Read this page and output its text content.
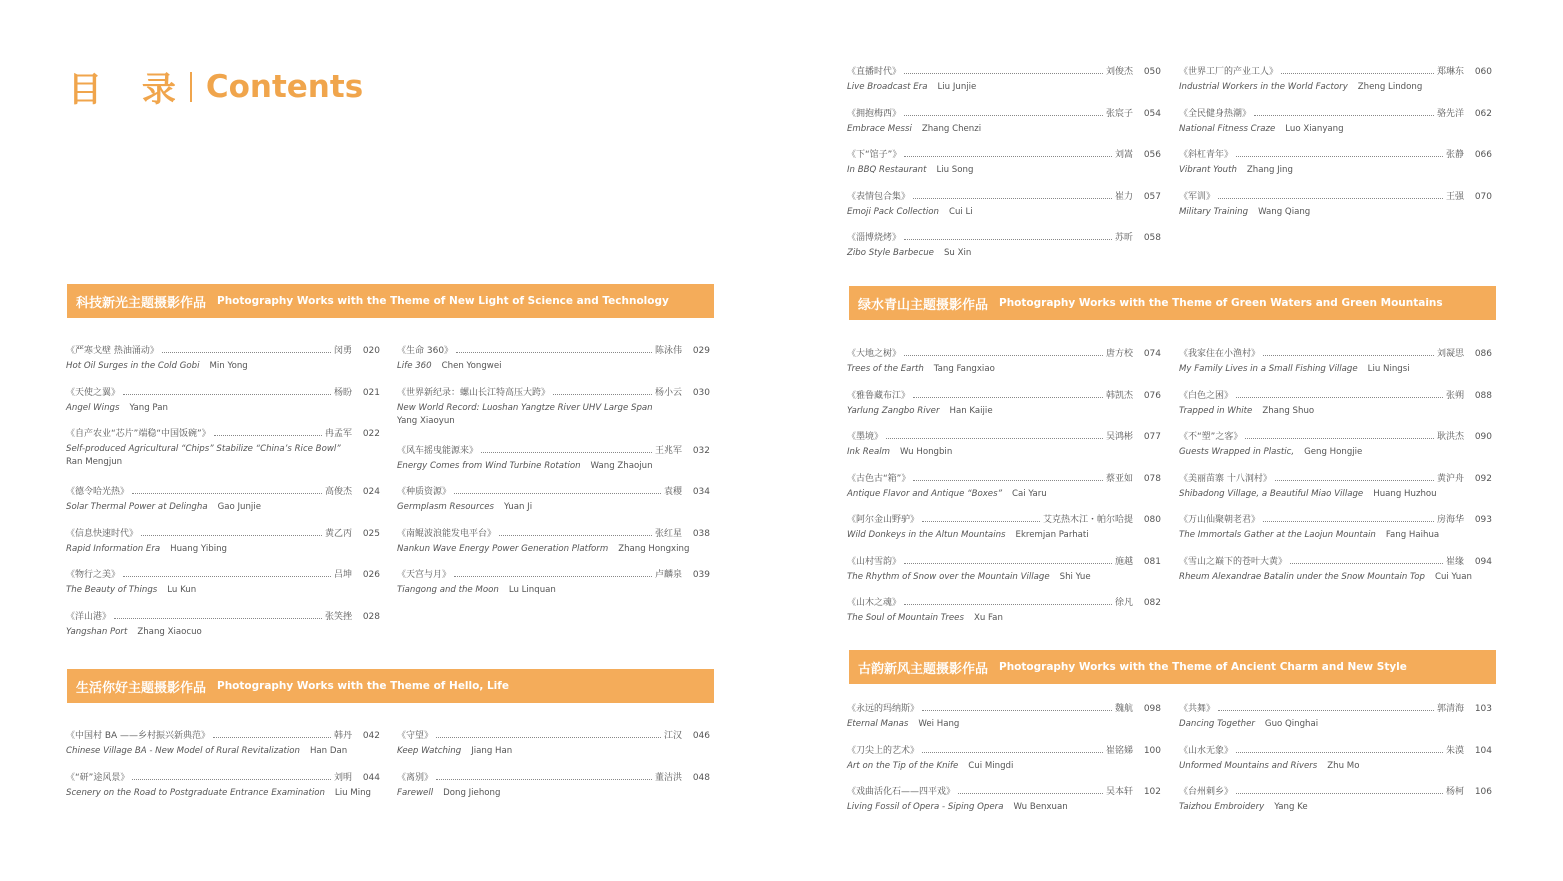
目 录 Contents
科技新光主题摄影作品 Photography Works with the Theme of New Light of Science and Technology
生活你好主题摄影作品 Photography Works with the Theme of Hello, Life
绿水青山主题摄影作品 Photography Works with the Theme of Green Waters and Green Mountains
古韵新风主题摄影作品 Photography Works with the Theme of Ancient Charm and New Style
《直播时代》	刘俊杰	050
Live Broadcast Era Liu Junjie
《拥抱梅西》	张宸子	054
Embrace Messi Zhang Chenzi
《下“馆子”》	刘嵩	056
In BBQ Restaurant Liu Song
《表情包合集》	崔力	057
Emoji Pack Collection Cui Li
《淄博烧烤》	苏昕	058
Zibo Style Barbecue Su Xin
《世界工厂的产业工人》	郑琳东	060
Industrial Workers in the World Factory Zheng Lindong
《全民健身热潮》	骆先洋	062
National Fitness Craze Luo Xianyang
《斜杠青年》	张静	066
Vibrant Youth Zhang Jing
《军训》	王强	070
Military Training Wang Qiang
《严寒戈壁 热油涌动》	闵勇	020
Hot Oil Surges in the Cold Gobi Min Yong
《天使之翼》	杨盼	021
Angel Wings Yang Pan
《自产农业“芯片”端稳“中国饭碗”》	冉孟军	022
Self-produced Agricultural “Chips” Stabilize “China’s Rice Bowl”
Ran Mengjun
《德令哈光热》	高俊杰	024
Solar Thermal Power at Delingha Gao Junjie
《信息快速时代》	黄乙丙	025
Rapid Information Era Huang Yibing
《物行之美》	吕坤	026
The Beauty of Things Lu Kun
《洋山港》	张笑挫	028
Yangshan Port Zhang Xiaocuo
《生命 360》	陈泳伟	029
Life 360 Chen Yongwei
《世界新纪录：螺山长江特高压大跨》	杨小云	030
New World Record: Luoshan Yangtze River UHV Large Span
Yang Xiaoyun
《风车摇曳能源来》	王兆军	032
Energy Comes from Wind Turbine Rotation Wang Zhaojun
《种质资源》	袁稷	034
Germplasm Resources Yuan Ji
《南鲲波浪能发电平台》	张红星	038
Nankun Wave Energy Power Generation Platform Zhang Hongxing
《天宫与月》	卢麟泉	039
Tiangong and the Moon Lu Linquan
《中国村 BA ——乡村振兴新典范》	韩丹	042
Chinese Village BA - New Model of Rural Revitalization Han Dan
《“研”途风景》	刘明	044
Scenery on the Road to Postgraduate Entrance Examination Liu Ming
《守望》	江汉	046
Keep Watching Jiang Han
《离别》	董洁洪	048
Farewell Dong Jiehong
《大地之树》	唐方校	074
Trees of the Earth Tang Fangxiao
《雅鲁藏布江》	韩凯杰	076
Yarlung Zangbo River Han Kaijie
《墨境》	吴鸿彬	077
Ink Realm Wu Hongbin
《古色古“箱”》	蔡亚如	078
Antique Flavor and Antique “Boxes” Cai Yaru
《阿尔金山野驴》	艾克热木江・帕尔哈提	080
Wild Donkeys in the Altun Mountains Ekremjan Parhati
《山村雪韵》	施越	081
The Rhythm of Snow over the Mountain Village Shi Yue
《山木之魂》	徐凡	082
The Soul of Mountain Trees Xu Fan
《我家住在小渔村》	刘凝思	086
My Family Lives in a Small Fishing Village Liu Ningsi
《白色之困》	张朔	088
Trapped in White Zhang Shuo
《不“塑”之客》	耿洪杰	090
Guests Wrapped in Plastic, Geng Hongjie
《美丽苗寨 十八洞村》	黄沪舟	092
Shibadong Village, a Beautiful Miao Village Huang Huzhou
《万山仙聚朝老君》	房海华	093
The Immortals Gather at the Laojun Mountain Fang Haihua
《雪山之巅下的苍叶大黄》	崔缘	094
Rheum Alexandrae Batalin under the Snow Mountain Top Cui Yuan
《永远的玛纳斯》	魏航	098
Eternal Manas Wei Hang
《刀尖上的艺术》	崔铭娣	100
Art on the Tip of the Knife Cui Mingdi
《戏曲活化石——四平戏》	吴本轩	102
Living Fossil of Opera - Siping Opera Wu Benxuan
《共舞》	郭清海	103
Dancing Together Guo Qinghai
《山水无象》	朱漠	104
Unformed Mountains and Rivers Zhu Mo
《台州刺乡》	杨柯	106
Taizhou Embroidery Yang Ke
